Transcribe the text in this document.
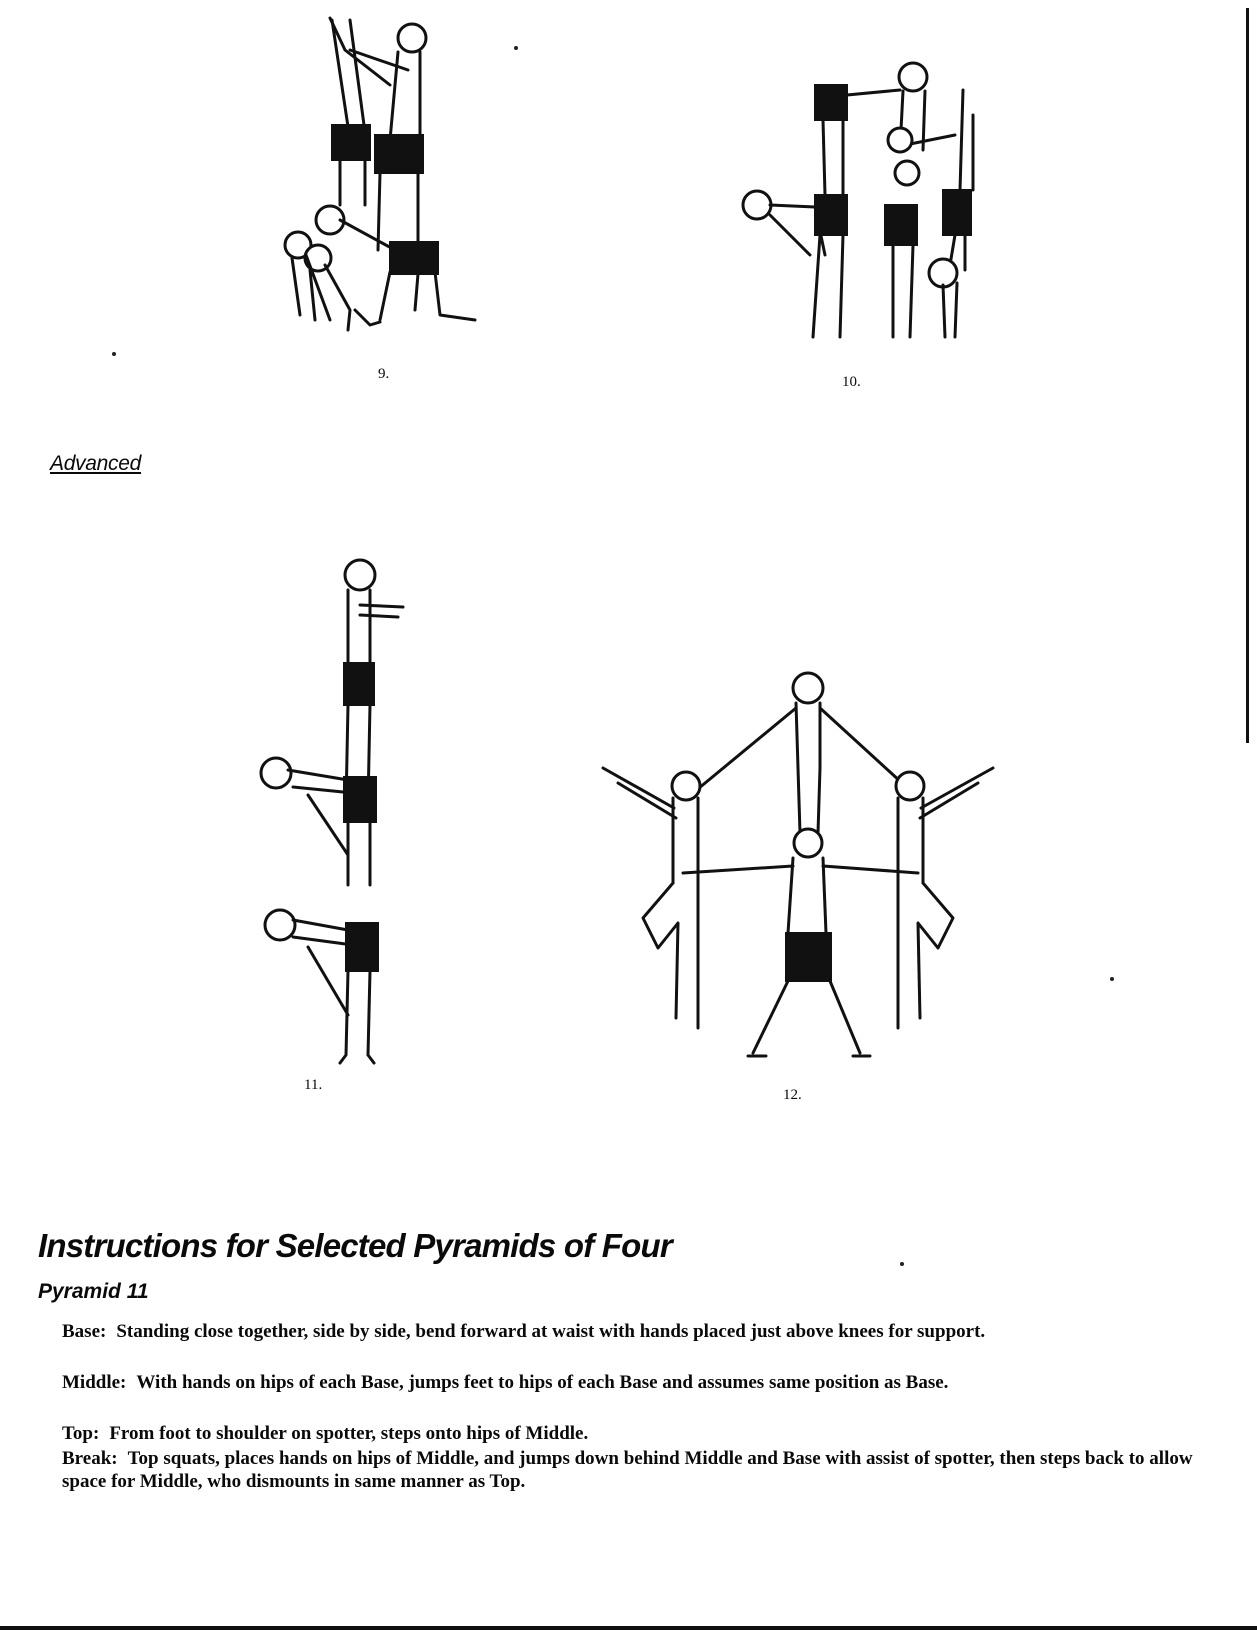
9.	10.
Advanced
11.
12.
Instructions for Selected Pyramids of Four
Pyramid 11
Base: Standing close together, side by side, bend forward at waist with hands placed just above knees for support.
Middle: With hands on hips of each Base, jumps feet to hips of each Base and assumes same position as Base.
Top: From foot to shoulder on spotter, steps onto hips of Middle.
Break: Top squats, places hands on hips of Middle, and jumps down behind Middle and Base with assist of spotter, then steps back to allow space for Middle, who dismounts in same manner as Top.
